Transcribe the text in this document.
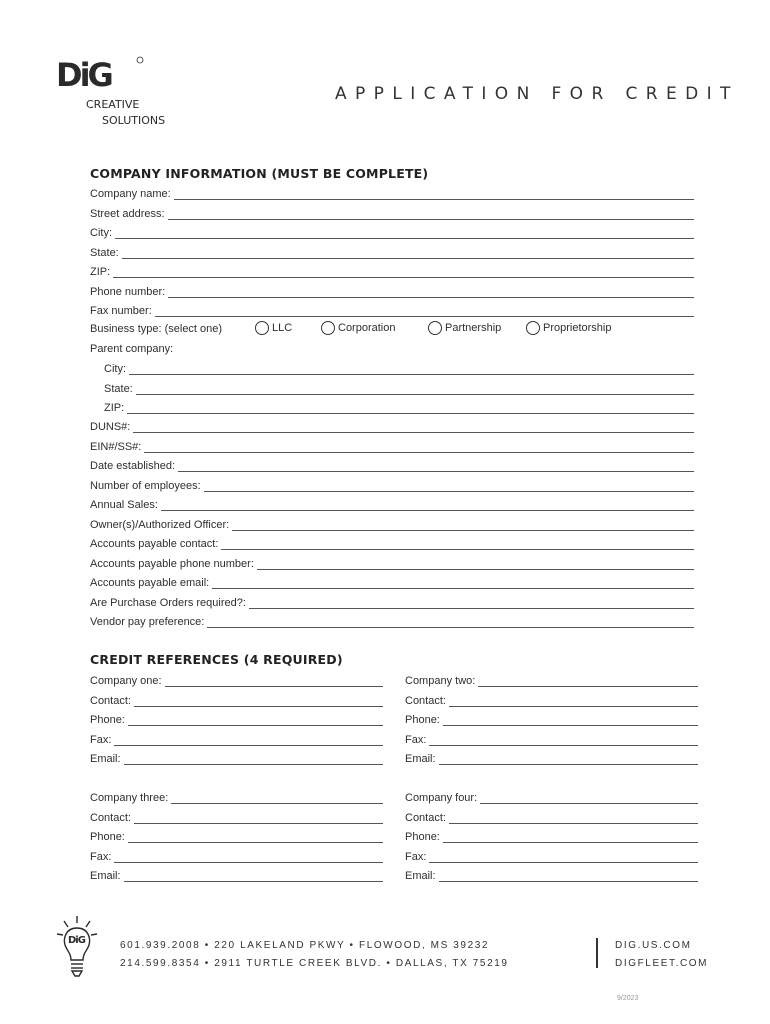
DiG
CREATIVE
SOLUTIONS
APPLICATION FOR CREDIT
COMPANY INFORMATION (MUST BE COMPLETE)
Company name:
Street address:
City:
State:
ZIP:
Phone number:
Fax number:
Business type: (select one)	LLC	Corporation	Partnership	Proprietorship
Parent company:
City:
State:
ZIP:
DUNS#:
EIN#/SS#:
Date established:
Number of employees:
Annual Sales:
Owner(s)/Authorized Officer:
Accounts payable contact:
Accounts payable phone number:
Accounts payable email:
Are Purchase Orders required?:
Vendor pay preference:
CREDIT REFERENCES (4 REQUIRED)
Company one:	Company two:
Contact:	Contact:
Phone:	Phone:
Fax:	Fax:
Email:	Email:
Company three:	Company four:
Contact:	Contact:
Phone:	Phone:
Fax:	Fax:
Email:	Email:
DiG	601.939.2008 • 220 LAKELAND PKWY • FLOWOOD, MS 39232
214.599.8354 • 2911 TURTLE CREEK BLVD. • DALLAS, TX 75219
DIG.US.COM
DIGFLEET.COM
9/2023
